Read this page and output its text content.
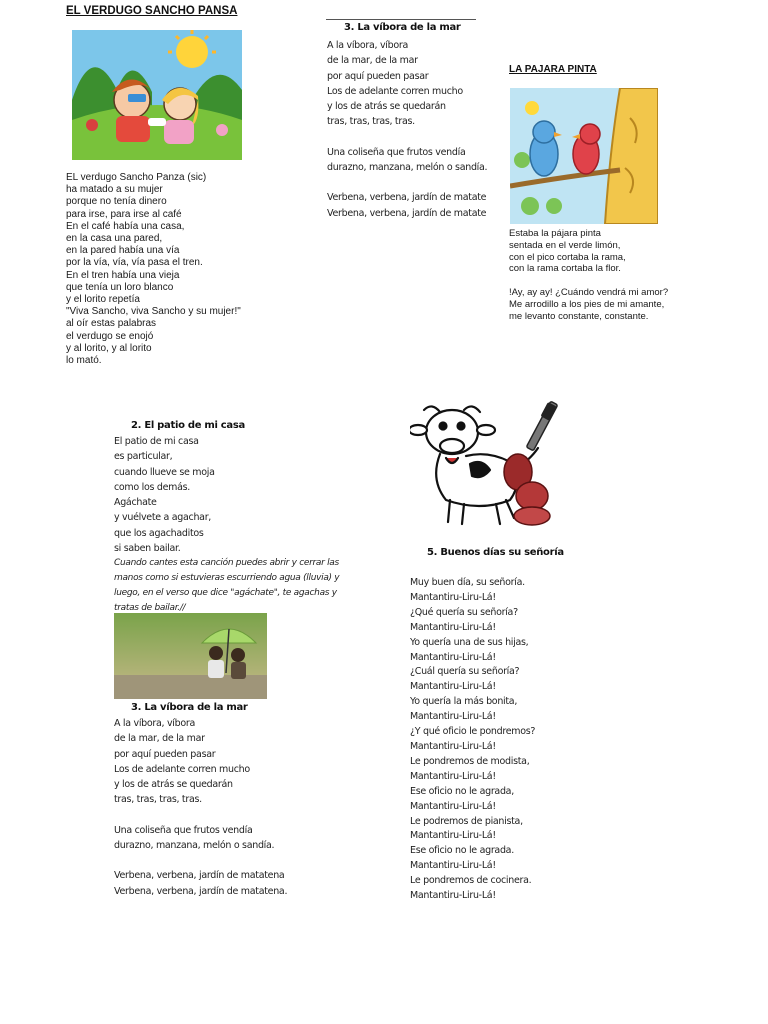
EL VERDUGO SANCHO PANSA
EL verdugo Sancho Panza (sic)
ha matado a su mujer
porque no tenía dinero
para irse, para irse al café
En el café había una casa,
en la casa una pared,
en la pared había una vía
por la vía, vía, vía pasa el tren.
En el tren había una vieja
que tenía un loro blanco
y el lorito repetía
"Viva Sancho, viva Sancho y su mujer!"
al oír estas palabras
el verdugo se enojó
y al lorito, y al lorito
lo mató.
3. La víbora de la mar
A la víbora, víbora
de la mar, de la mar
por aquí pueden pasar
Los de adelante corren mucho
y los de atrás se quedarán
tras, tras, tras, tras.
Una coliseña que frutos vendía
durazno, manzana, melón o sandía.
Verbena, verbena, jardín de matate
Verbena, verbena, jardín de matate
LA PAJARA PINTA
Estaba la pájara pinta
sentada en el verde limón,
con el pico cortaba la rama,
con la rama cortaba la flor.
!Ay, ay ay! ¿Cuándo vendrá mi amor?
Me arrodillo a los pies de mi amante,
me levanto constante, constante.
2. El patio de mi casa
El patio de mi casa
es particular,
cuando llueve se moja
como los demás.
Agáchate
y vuélvete a agachar,
que los agachaditos
si saben bailar.
Cuando cantes esta canción puedes abrir y cerrar las
manos como si estuvieras escurriendo agua (lluvia) y
luego, en el verso que dice "agáchate", te agachas y
tratas de bailar.//
3. La víbora de la mar
A la víbora, víbora
de la mar, de la mar
por aquí pueden pasar
Los de adelante corren mucho
y los de atrás se quedarán
tras, tras, tras, tras.
Una coliseña que frutos vendía
durazno, manzana, melón o sandía.
Verbena, verbena, jardín de matatena
Verbena, verbena, jardín de matatena.
5. Buenos días su señoría
Muy buen día, su señoría.
Mantantiru-Liru-Lá!
¿Qué quería su señoría?
Mantantiru-Liru-Lá!
Yo quería una de sus hijas,
Mantantiru-Liru-Lá!
¿Cuál quería su señoría?
Mantantiru-Liru-Lá!
Yo quería la más bonita,
Mantantiru-Liru-Lá!
¿Y qué oficio le pondremos?
Mantantiru-Liru-Lá!
Le pondremos de modista,
Mantantiru-Liru-Lá!
Ese oficio no le agrada,
Mantantiru-Liru-Lá!
Le podremos de pianista,
Mantantiru-Liru-Lá!
Ese oficio no le agrada.
Mantantiru-Liru-Lá!
Le pondremos de cocinera.
Mantantiru-Liru-Lá!
